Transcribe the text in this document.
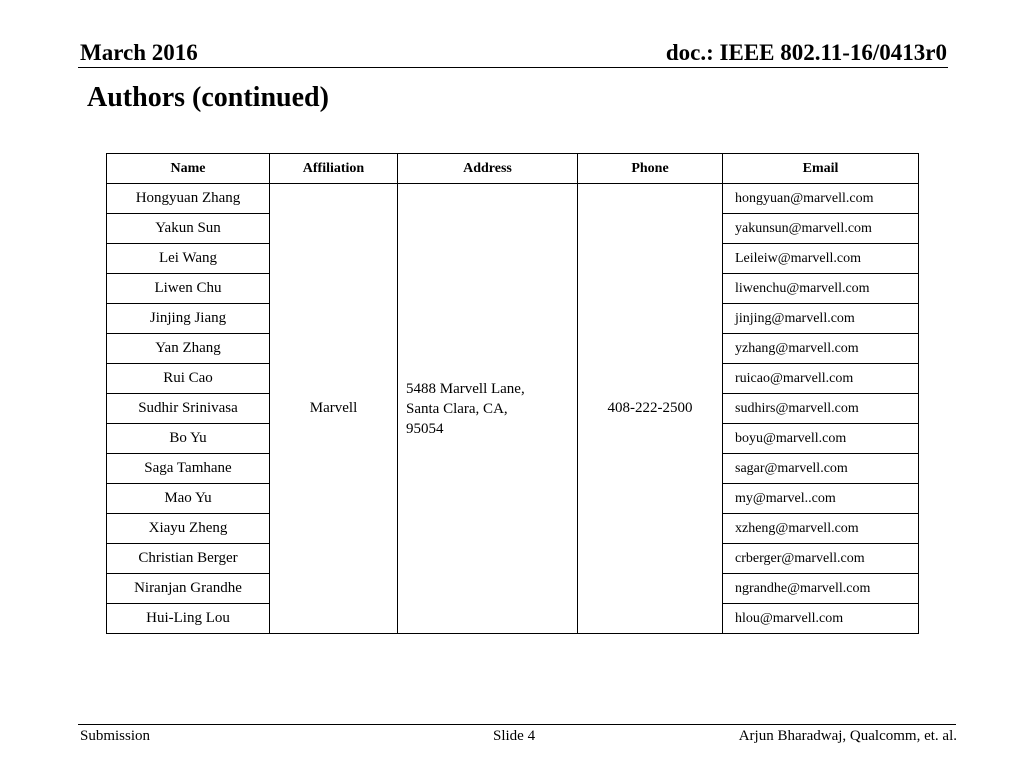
March 2016	doc.: IEEE 802.11-16/0413r0
Authors (continued)
Name	Affiliation	Address	Phone	Email
Hongyuan Zhang	Marvell	5488 Marvell Lane,
Santa Clara, CA,
95054	408-222-2500	hongyuan@marvell.com
Yakun Sun				yakunsun@marvell.com
Lei Wang				Leileiw@marvell.com
Liwen Chu				liwenchu@marvell.com
Jinjing Jiang				jinjing@marvell.com
Yan Zhang				yzhang@marvell.com
Rui Cao				ruicao@marvell.com
Sudhir Srinivasa				sudhirs@marvell.com
Bo Yu				boyu@marvell.com
Saga Tamhane				sagar@marvell.com
Mao Yu				my@marvel..com
Xiayu Zheng				xzheng@marvell.com
Christian Berger				crberger@marvell.com
Niranjan Grandhe				ngrandhe@marvell.com
Hui-Ling Lou				hlou@marvell.com
Submission	Slide 4	Arjun Bharadwaj, Qualcomm, et. al.
